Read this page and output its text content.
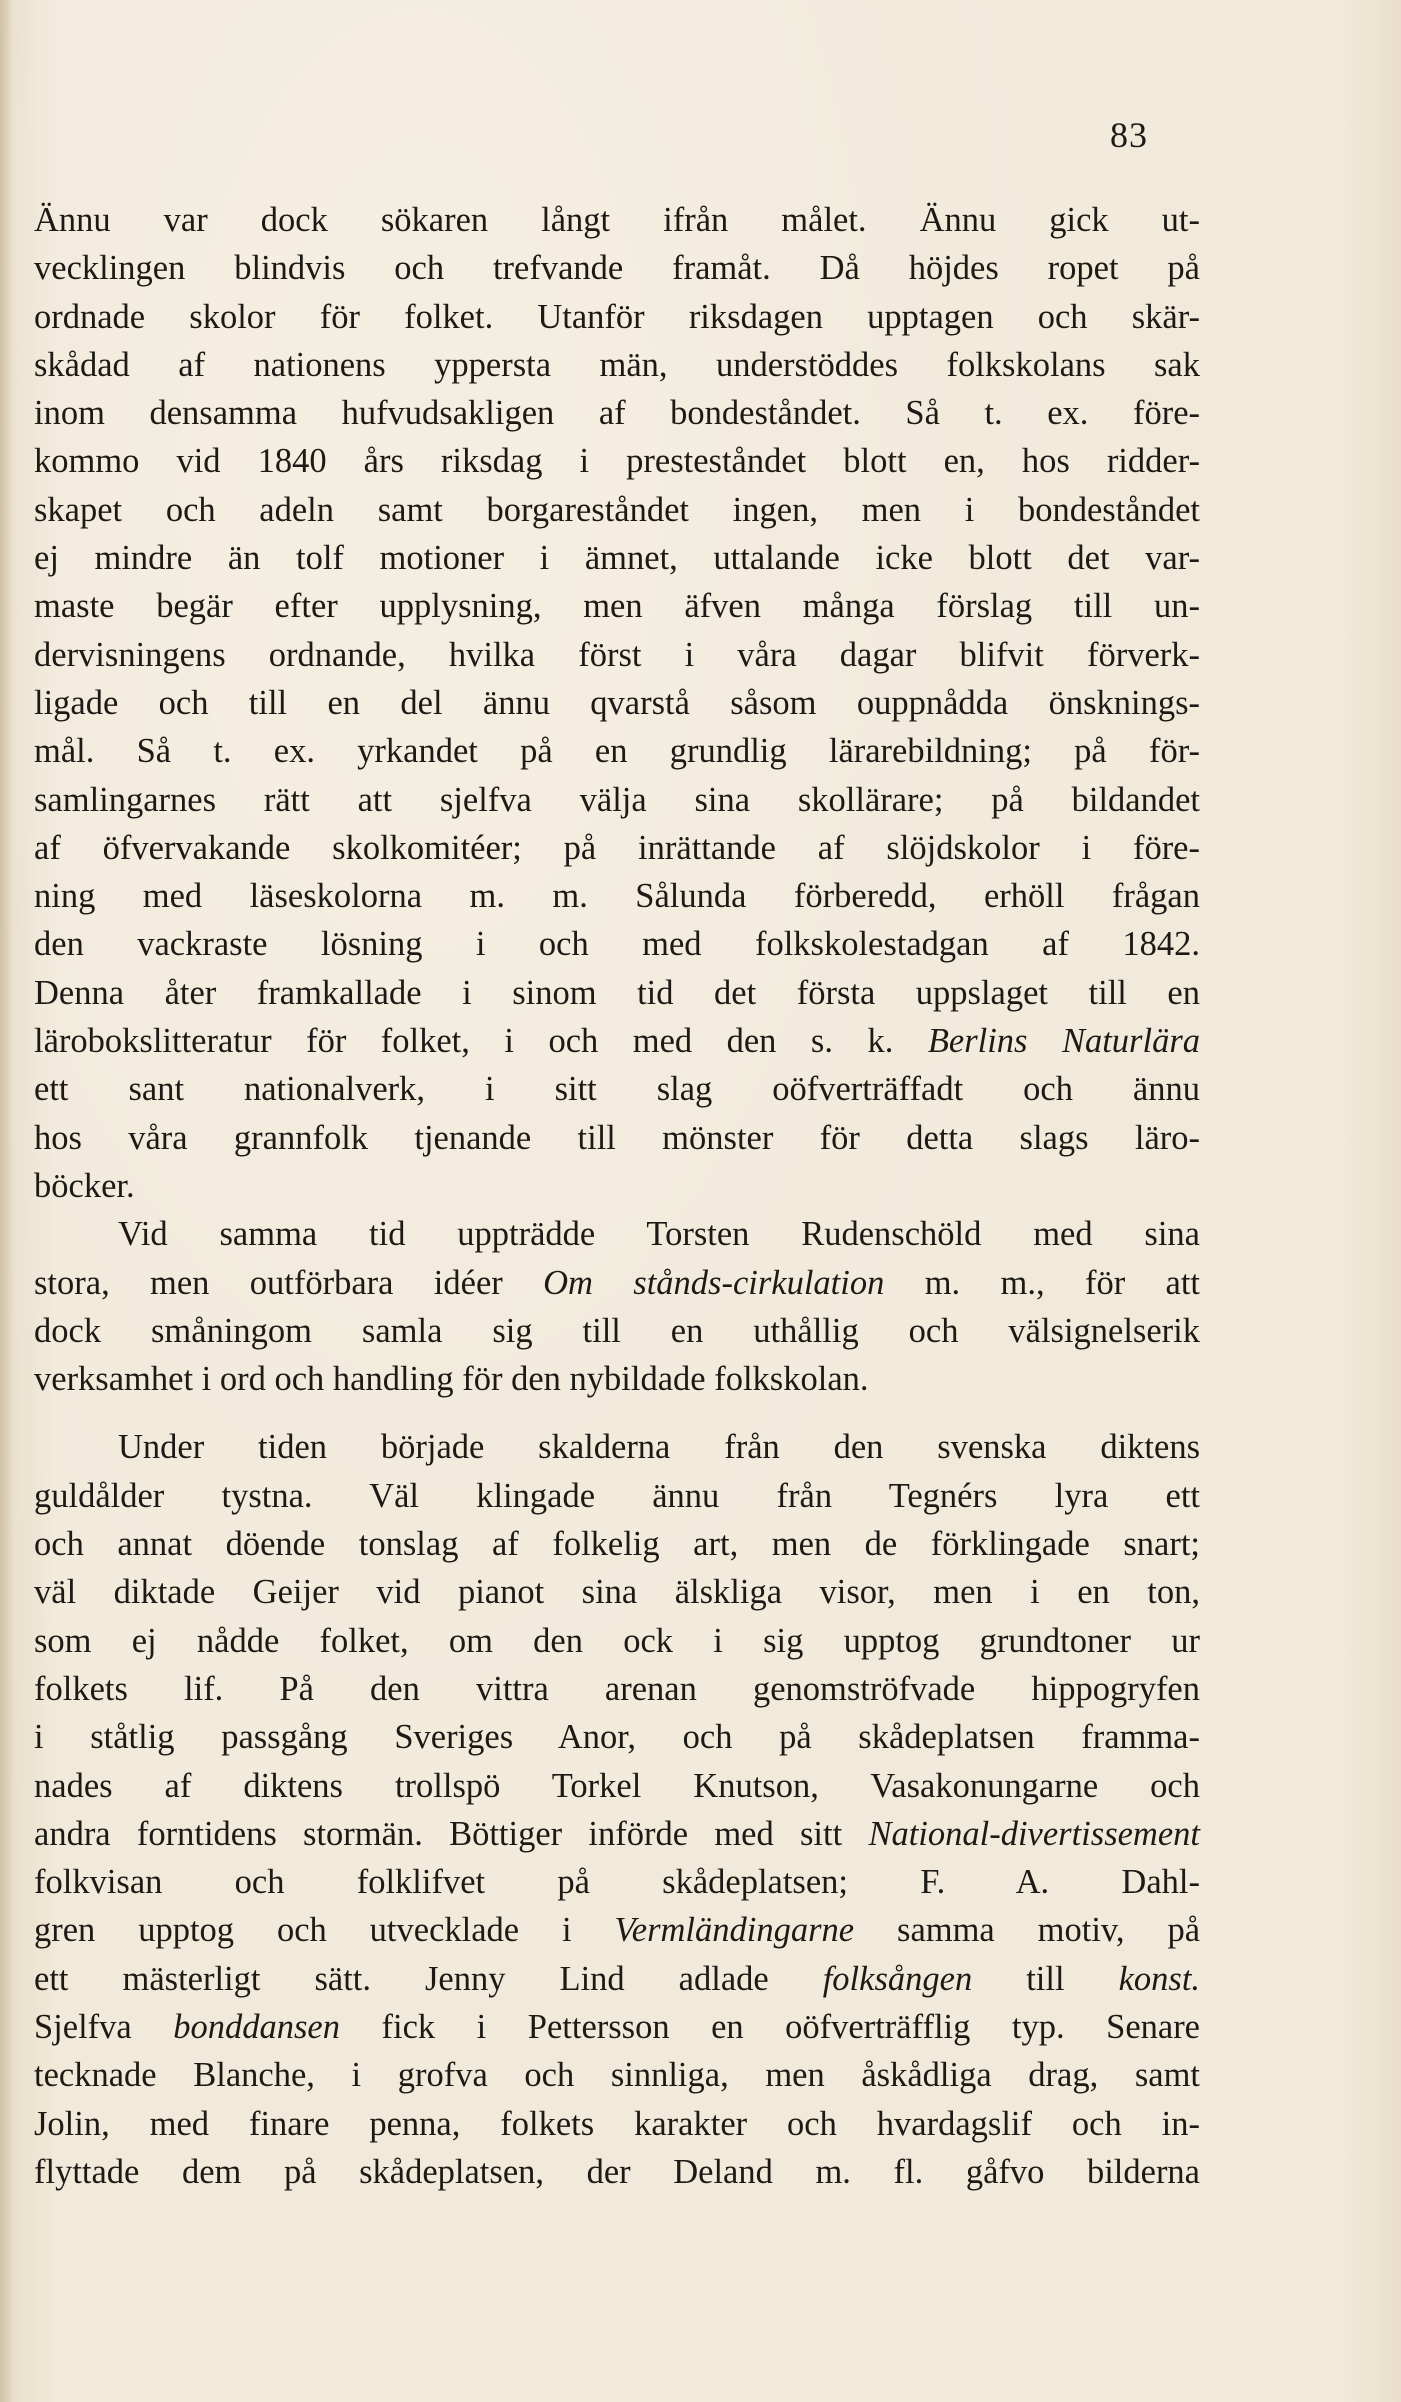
83
Ännu var dock sökaren långt ifrån målet. Ännu gick ut-
vecklingen blindvis och trefvande framåt. Då höjdes ropet på
ordnade skolor för folket. Utanför riksdagen upptagen och skär-
skådad af nationens yppersta män, understöddes folkskolans sak
inom densamma hufvudsakligen af bondeståndet. Så t. ex. före-
kommo vid 1840 års riksdag i presteståndet blott en, hos ridder-
skapet och adeln samt borgareståndet ingen, men i bondeståndet
ej mindre än tolf motioner i ämnet, uttalande icke blott det var-
maste begär efter upplysning, men äfven många förslag till un-
dervisningens ordnande, hvilka först i våra dagar blifvit förverk-
ligade och till en del ännu qvarstå såsom ouppnådda önsknings-
mål. Så t. ex. yrkandet på en grundlig lärarebildning; på för-
samlingarnes rätt att sjelfva välja sina skollärare; på bildandet
af öfvervakande skolkomitéer; på inrättande af slöjdskolor i före-
ning med läseskolorna m. m. Sålunda förberedd, erhöll frågan
den vackraste lösning i och med folkskolestadgan af 1842.
Denna åter framkallade i sinom tid det första uppslaget till en
lärobokslitteratur för folket, i och med den s. k. Berlins Naturlära
ett sant nationalverk, i sitt slag oöfverträffadt och ännu
hos våra grannfolk tjenande till mönster för detta slags läro-
böcker.
Vid samma tid uppträdde Torsten Rudenschöld med sina
stora, men outförbara idéer Om stånds-cirkulation m. m., för att
dock småningom samla sig till en uthållig och välsignelserik
verksamhet i ord och handling för den nybildade folkskolan.
Under tiden började skalderna från den svenska diktens
guldålder tystna. Väl klingade ännu från Tegnérs lyra ett
och annat döende tonslag af folkelig art, men de förklingade snart;
väl diktade Geijer vid pianot sina älskliga visor, men i en ton,
som ej nådde folket, om den ock i sig upptog grundtoner ur
folkets lif. På den vittra arenan genomströfvade hippogryfen
i ståtlig passgång Sveriges Anor, och på skådeplatsen framma-
nades af diktens trollspö Torkel Knutson, Vasakonungarne och
andra forntidens stormän. Böttiger införde med sitt National-divertissement
folkvisan och folklifvet på skådeplatsen; F. A. Dahl-
gren upptog och utvecklade i Vermländingarne samma motiv, på
ett mästerligt sätt. Jenny Lind adlade folksången till konst.
Sjelfva bonddansen fick i Pettersson en oöfverträfflig typ. Senare
tecknade Blanche, i grofva och sinnliga, men åskådliga drag, samt
Jolin, med finare penna, folkets karakter och hvardagslif och in-
flyttade dem på skådeplatsen, der Deland m. fl. gåfvo bilderna
